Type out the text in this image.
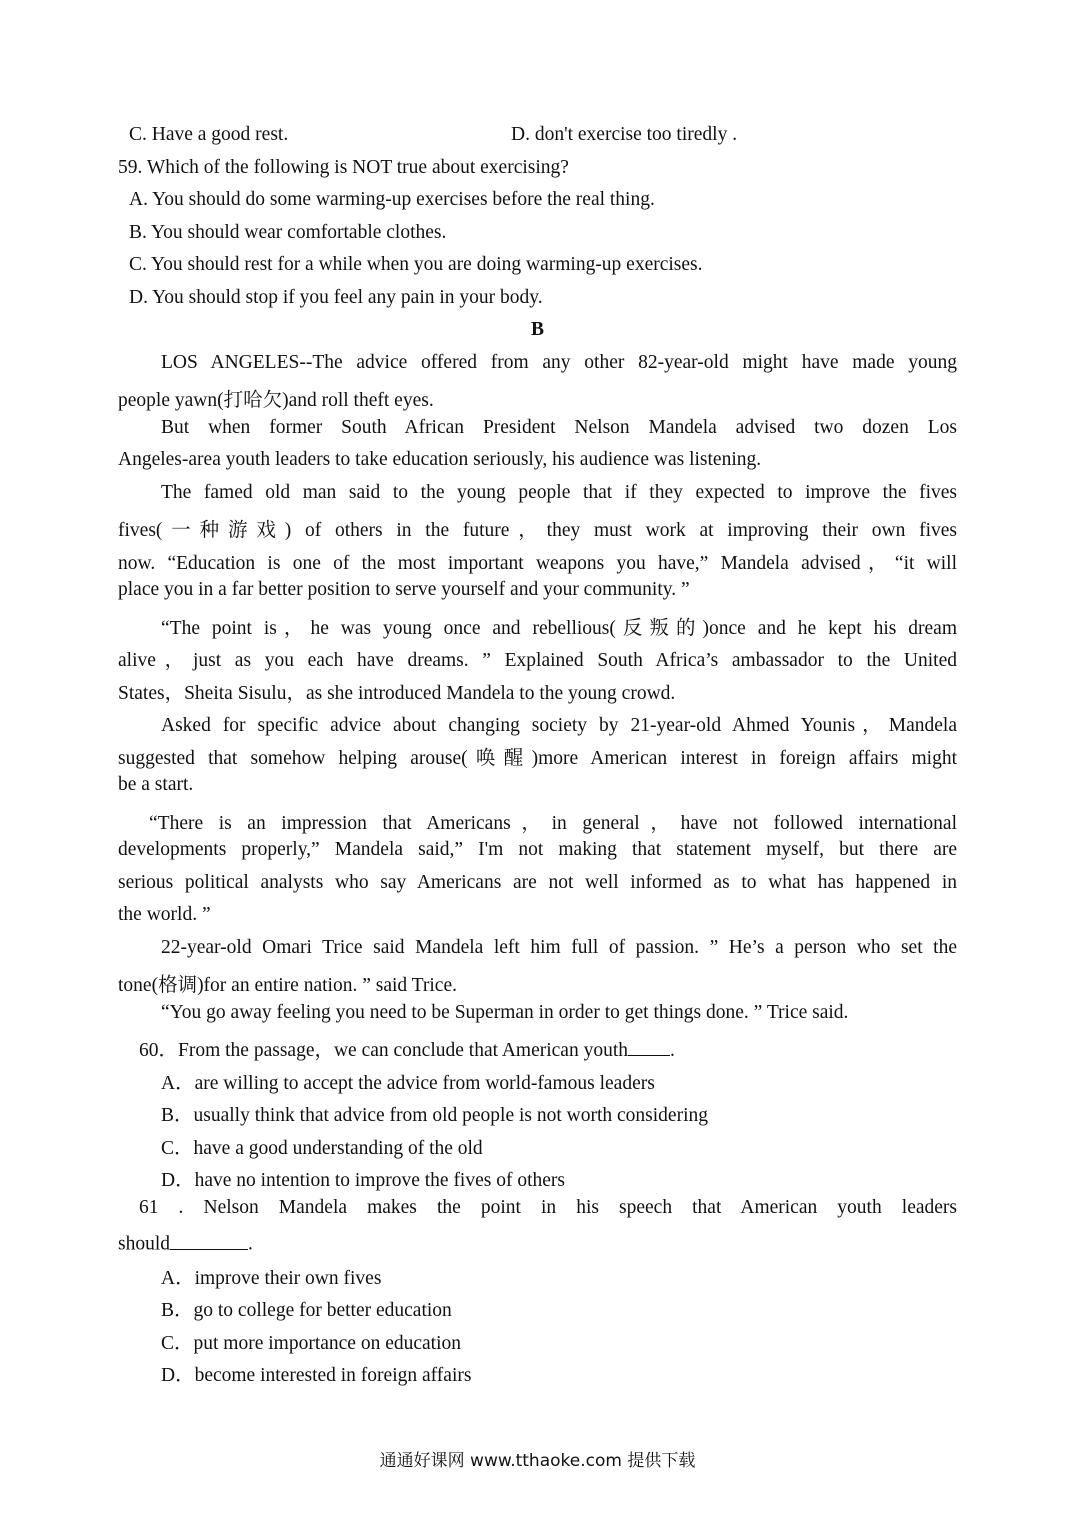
C. Have a good rest.	D. don't exercise too tiredly .
59. Which of the following is NOT true about exercising?
A. You should do some warming-up exercises before the real thing.
B. You should wear comfortable clothes.
C. You should rest for a while when you are doing warming-up exercises.
D. You should stop if you feel any pain in your body.
B
LOS ANGELES--The advice offered from any other 82-year-old might have made young
people yawn(打哈欠)and roll theft eyes.
But when former South African President Nelson Mandela advised two dozen Los
Angeles-area youth leaders to take education seriously, his audience was listening.
The famed old man said to the young people that if they expected to improve the fives
fives(一种游戏) of others in the future，they must work at improving their own fives
now. “Education is one of the most important weapons you have,” Mandela advised，“it will
place you in a far better position to serve yourself and your community. ”
“The point is，he was young once and rebellious(反叛的)once and he kept his dream
alive，just as you each have dreams. ” Explained South Africa’s ambassador to the United
States，Sheita Sisulu，as she introduced Mandela to the young crowd.
Asked for specific advice about changing society by 21-year-old Ahmed Younis，Mandela
suggested that somehow helping arouse(唤醒)more American interest in foreign affairs might
be a start.
“There is an impression that Americans，in general，have not followed international
developments properly,” Mandela said,” I'm not making that statement myself, but there are
serious political analysts who say Americans are not well informed as to what has happened in
the world. ”
22-year-old Omari Trice said Mandela left him full of passion. ” He’s a person who set the
tone(格调)for an entire nation. ” said Trice.
“You go away feeling you need to be Superman in order to get things done. ” Trice said.
60．From the passage，we can conclude that American youth .
A．are willing to accept the advice from world-famous leaders
B．usually think that advice from old people is not worth considering
C．have a good understanding of the old
D．have no intention to improve the fives of others
61 . Nelson Mandela makes the point in his speech that American youth leaders
should	.
A．improve their own fives
B．go to college for better education
C．put more importance on education
D．become interested in foreign affairs
通通好课网 www.tthaoke.com 提供下载
